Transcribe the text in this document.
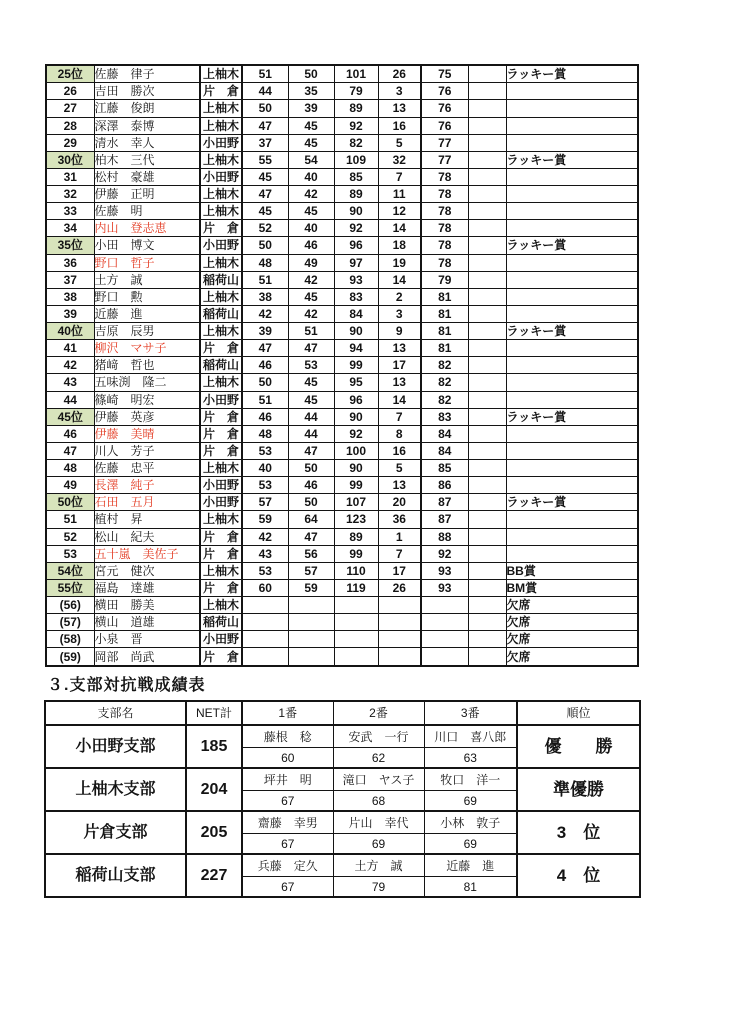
25位	佐藤　律子	上柚木	51	50	101	26	75		ラッキー賞
26	吉田　勝次	片　倉	44	35	79	3	76		
27	江藤　俊朗	上柚木	50	39	89	13	76		
28	深澤　泰博	上柚木	47	45	92	16	76		
29	清水　幸人	小田野	37	45	82	5	77		
30位	柏木　三代	上柚木	55	54	109	32	77		ラッキー賞
31	松村　豪雄	小田野	45	40	85	7	78		
32	伊藤　正明	上柚木	47	42	89	11	78		
33	佐藤　明	上柚木	45	45	90	12	78		
34	内山　登志恵	片　倉	52	40	92	14	78		
35位	小田　博文	小田野	50	46	96	18	78		ラッキー賞
36	野口　哲子	上柚木	48	49	97	19	78		
37	土方　誠	稲荷山	51	42	93	14	79		
38	野口　勲	上柚木	38	45	83	2	81		
39	近藤　進	稲荷山	42	42	84	3	81		
40位	吉原　辰男	上柚木	39	51	90	9	81		ラッキー賞
41	柳沢　マサ子	片　倉	47	47	94	13	81		
42	猪﨑　哲也	稲荷山	46	53	99	17	82		
43	五味渕　隆二	上柚木	50	45	95	13	82		
44	篠崎　明宏	小田野	51	45	96	14	82		
45位	伊藤　英彦	片　倉	46	44	90	7	83		ラッキー賞
46	伊藤　美晴	片　倉	48	44	92	8	84		
47	川人　芳子	片　倉	53	47	100	16	84		
48	佐藤　忠平	上柚木	40	50	90	5	85		
49	長澤　純子	小田野	53	46	99	13	86		
50位	石田　五月	小田野	57	50	107	20	87		ラッキー賞
51	植村　昇	上柚木	59	64	123	36	87		
52	松山　紀夫	片　倉	42	47	89	1	88		
53	五十嵐　美佐子	片　倉	43	56	99	7	92		
54位	宮元　健次	上柚木	53	57	110	17	93		BB賞
55位	福島　達雄	片　倉	60	59	119	26	93		BM賞
(56)	横田　勝美	上柚木							欠席
(57)	横山　道雄	稲荷山							欠席
(58)	小泉　晋	小田野							欠席
(59)	岡部　尚武	片　倉							欠席
３.支部対抗戦成績表
支部名	NET計	1番	2番	3番	順位
小田野支部	185	藤根　稔	安武　一行	川口　喜八郎	優　　勝
		60	62	63	
上柚木支部	204	坪井　明	滝口　ヤス子	牧口　洋一	準優勝
		67	68	69	
片倉支部	205	齋藤　幸男	片山　幸代	小林　敦子	3　位
		67	69	69	
稲荷山支部	227	兵藤　定久	土方　誠	近藤　進	4　位
		67	79	81	
